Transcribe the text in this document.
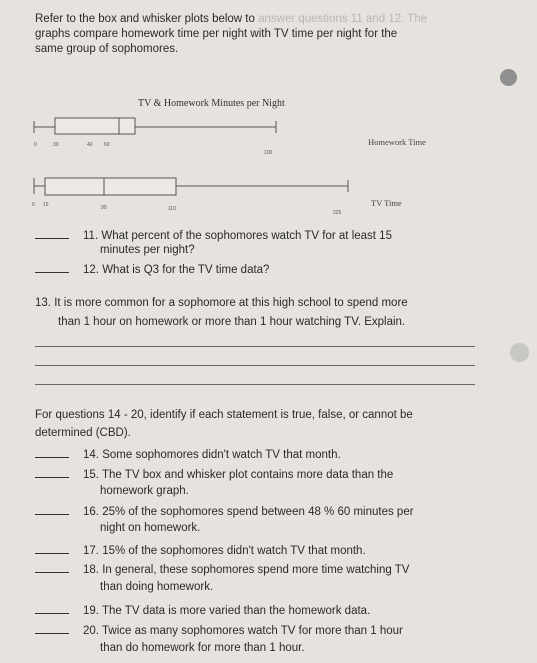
Refer to the box and whisker plots below to answer questions 11 and 12. The
graphs compare homework time per night with TV time per night for the
same group of sophomores.
TV & Homework Minutes per Night
0	30	40 60
100
0 15	90	110
225
Homework Time
TV Time
11. What percent of the sophomores watch TV for at least 15
minutes per night?
12. What is Q3 for the TV time data?
13. It is more common for a sophomore at this high school to spend more
than 1 hour on homework or more than 1 hour watching TV. Explain.
For questions 14 - 20, identify if each statement is true, false, or cannot be
determined (CBD).
14. Some sophomores didn't watch TV that month.
15. The TV box and whisker plot contains more data than the
homework graph.
16. 25% of the sophomores spend between 48 % 60 minutes per
night on homework.
17. 15% of the sophomores didn't watch TV that month.
18. In general, these sophomores spend more time watching TV
than doing homework.
19. The TV data is more varied than the homework data.
20. Twice as many sophomores watch TV for more than 1 hour
than do homework for more than 1 hour.
